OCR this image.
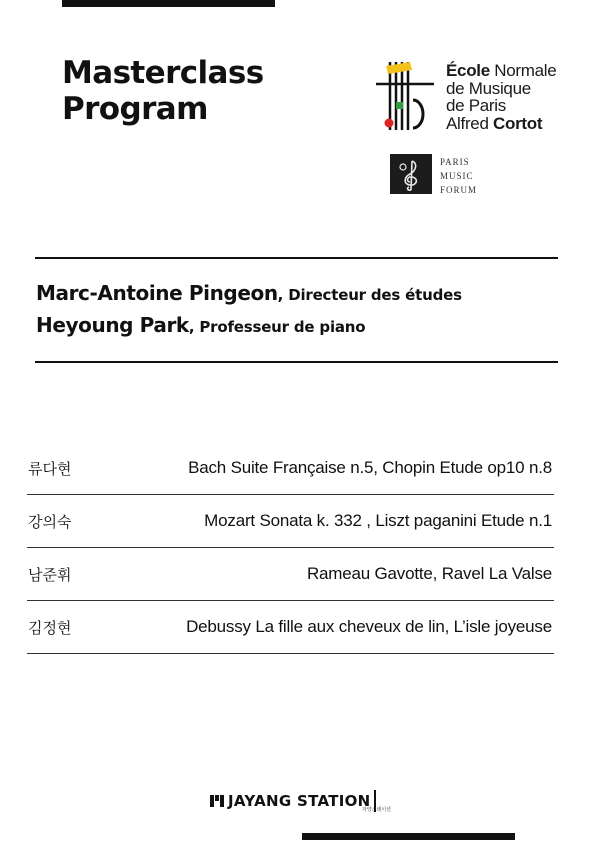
Masterclass
Program
École Normale
de Musique
de Paris
Alfred Cortot
PARIS
MUSIC
FORUM
Marc-Antoine Pingeon, Directeur des études
Heyoung Park, Professeur de piano
류다현	Bach Suite Française n.5, Chopin Etude op10 n.8
강의숙	Mozart Sonata k. 332 , Liszt paganini Etude n.1
남준휘	Rameau Gavotte, Ravel La Valse
김정현	Debussy La fille aux cheveux de lin, L’isle joyeuse
JAYANG STATION
자양스테이션
